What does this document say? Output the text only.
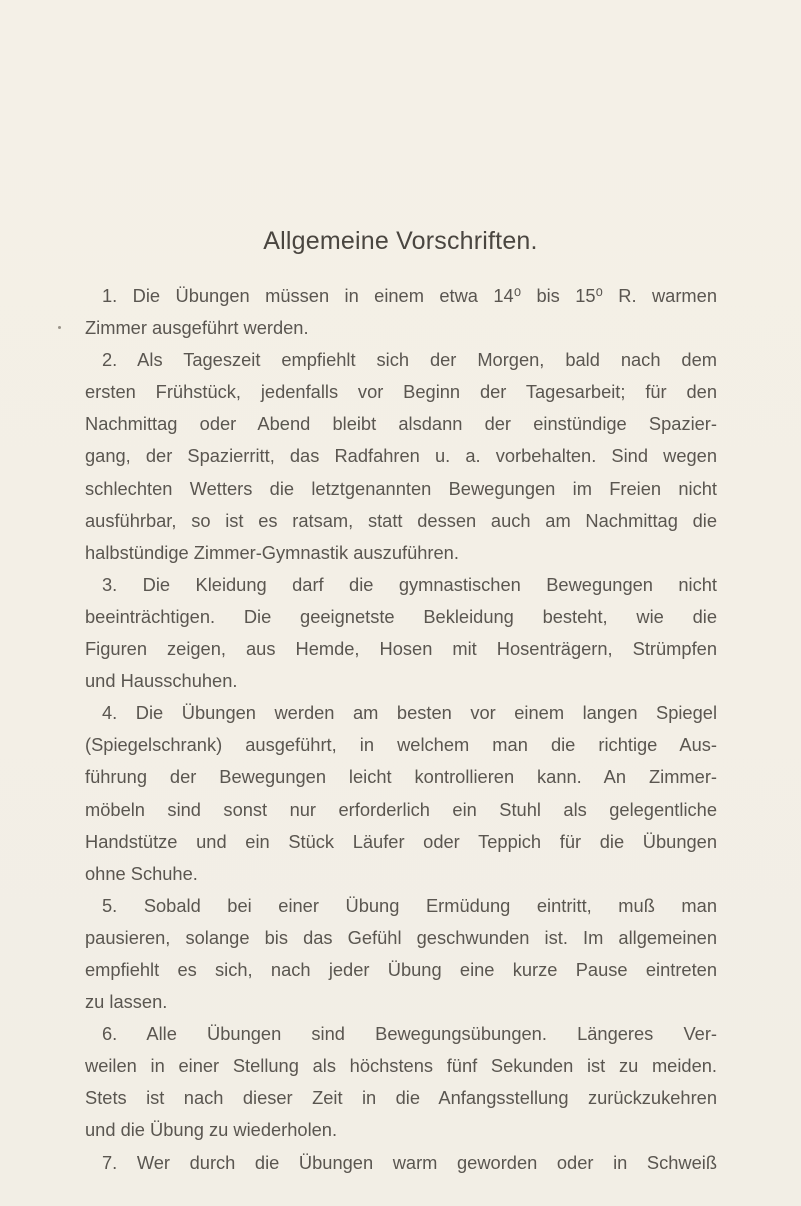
Allgemeine Vorschriften.
1. Die Übungen müssen in einem etwa 14⁰ bis 15⁰ R. warmen
Zimmer ausgeführt werden.
2. Als Tageszeit empfiehlt sich der Morgen, bald nach dem
ersten Frühstück, jedenfalls vor Beginn der Tagesarbeit; für den
Nachmittag oder Abend bleibt alsdann der einstündige Spazier-
gang, der Spazierritt, das Radfahren u. a. vorbehalten. Sind wegen
schlechten Wetters die letztgenannten Bewegungen im Freien nicht
ausführbar, so ist es ratsam, statt dessen auch am Nachmittag die
halbstündige Zimmer-Gymnastik auszuführen.
3. Die Kleidung darf die gymnastischen Bewegungen nicht
beeinträchtigen. Die geeignetste Bekleidung besteht, wie die
Figuren zeigen, aus Hemde, Hosen mit Hosenträgern, Strümpfen
und Hausschuhen.
4. Die Übungen werden am besten vor einem langen Spiegel
(Spiegelschrank) ausgeführt, in welchem man die richtige Aus-
führung der Bewegungen leicht kontrollieren kann. An Zimmer-
möbeln sind sonst nur erforderlich ein Stuhl als gelegentliche
Handstütze und ein Stück Läufer oder Teppich für die Übungen
ohne Schuhe.
5. Sobald bei einer Übung Ermüdung eintritt, muß man
pausieren, solange bis das Gefühl geschwunden ist. Im allgemeinen
empfiehlt es sich, nach jeder Übung eine kurze Pause eintreten
zu lassen.
6. Alle Übungen sind Bewegungsübungen. Längeres Ver-
weilen in einer Stellung als höchstens fünf Sekunden ist zu meiden.
Stets ist nach dieser Zeit in die Anfangsstellung zurückzukehren
und die Übung zu wiederholen.
7. Wer durch die Übungen warm geworden oder in Schweiß
